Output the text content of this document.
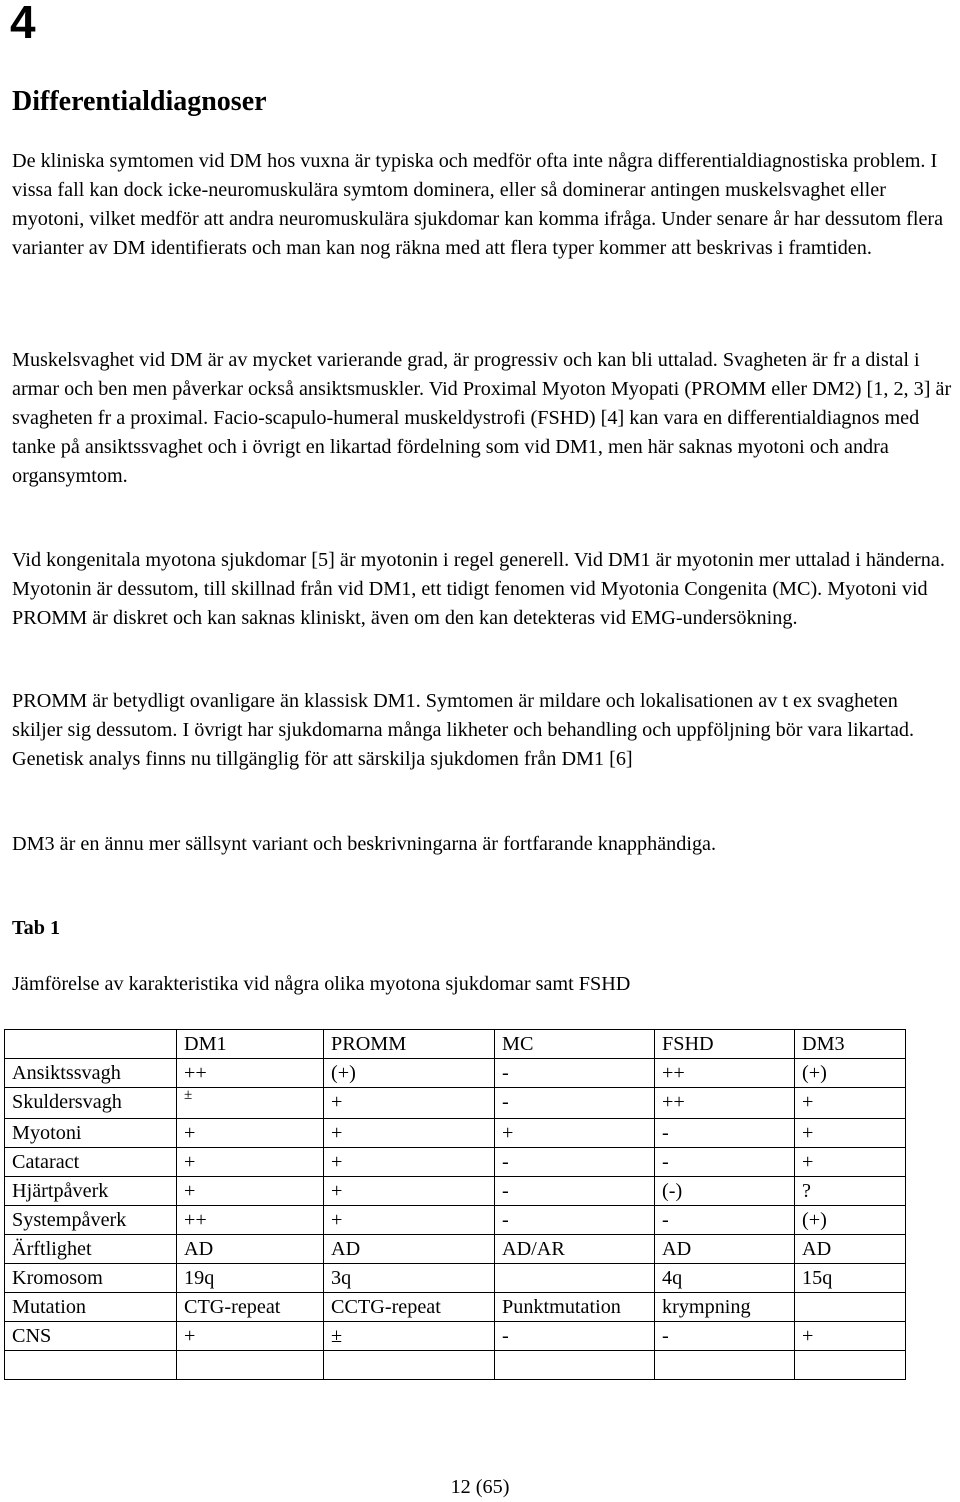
4
Differentialdiagnoser

De kliniska symtomen vid DM hos vuxna är typiska och medför ofta inte några differentialdiagnostiska problem. I vissa fall kan dock icke-neuromuskulära symtom dominera, eller så dominerar antingen muskelsvaghet eller myotoni, vilket medför att andra neuromuskulära sjukdomar kan komma ifråga. Under senare år har dessutom flera varianter av DM identifierats och man kan nog räkna med att flera typer kommer att beskrivas i framtiden.

Muskelsvaghet vid DM är av mycket varierande grad, är progressiv och kan bli uttalad. Svagheten är fr a distal i armar och ben men påverkar också ansiktsmuskler. Vid Proximal Myoton Myopati (PROMM eller DM2) [1, 2, 3] är svagheten fr a proximal. Facio-scapulo-humeral muskeldystrofi (FSHD) [4] kan vara en differentialdiagnos med tanke på ansiktssvaghet och i övrigt en likartad fördelning som vid DM1, men här saknas myotoni och andra organsymtom.

Vid kongenitala myotona sjukdomar [5] är myotonin i regel generell. Vid DM1 är myotonin mer uttalad i händerna. Myotonin är dessutom, till skillnad från vid DM1, ett tidigt fenomen vid Myotonia Congenita (MC). Myotoni vid PROMM är diskret och kan saknas kliniskt, även om den kan detekteras vid EMG-undersökning.

PROMM är betydligt ovanligare än klassisk DM1. Symtomen är mildare och lokalisationen av t ex svagheten skiljer sig dessutom. I övrigt har sjukdomarna många likheter och behandling och uppföljning bör vara likartad. Genetisk analys finns nu tillgänglig för att särskilja sjukdomen från DM1 [6]

DM3 är en ännu mer sällsynt variant och beskrivningarna är fortfarande knapphändiga.

Tab 1

Jämförelse av karakteristika vid några olika myotona sjukdomar samt FSHD

	DM1	PROMM	MC	FSHD	DM3
Ansiktssvagh	++	(+)	-	++	(+)
Skuldersvagh	±	+	-	++	+
Myotoni	+	+	+	-	+
Cataract	+	+	-	-	+
Hjärtpåverk	+	+	-	(-)	?
Systempåverk	++	+	-	-	(+)
Ärftlighet	AD	AD	AD/AR	AD	AD
Kromosom	19q	3q		4q	15q
Mutation	CTG-repeat	CCTG-repeat	Punktmutation	krympning	
CNS	+	±	-	-	+

12 (65)
